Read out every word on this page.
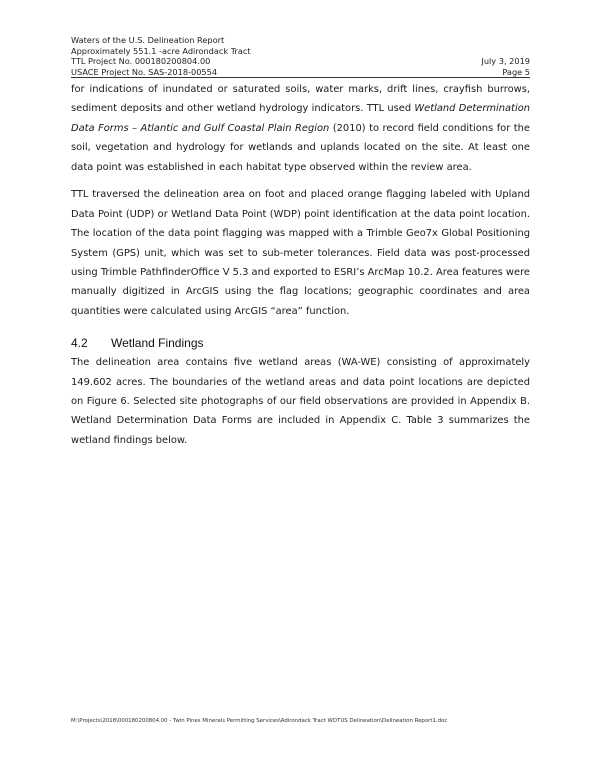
Waters of the U.S. Delineation Report
Approximately 551.1 -acre Adirondack Tract
TTL Project No. 000180200804.00	July 3, 2019
USACE Project No. SAS-2018-00554	Page 5

for indications of inundated or saturated soils, water marks, drift lines, crayfish burrows, sediment deposits and other wetland hydrology indicators. TTL used Wetland Determination Data Forms – Atlantic and Gulf Coastal Plain Region (2010) to record field conditions for the soil, vegetation and hydrology for wetlands and uplands located on the site. At least one data point was established in each habitat type observed within the review area.

TTL traversed the delineation area on foot and placed orange flagging labeled with Upland Data Point (UDP) or Wetland Data Point (WDP) point identification at the data point location. The location of the data point flagging was mapped with a Trimble Geo7x Global Positioning System (GPS) unit, which was set to sub-meter tolerances. Field data was post-processed using Trimble PathfinderOffice V 5.3 and exported to ESRI’s ArcMap 10.2. Area features were manually digitized in ArcGIS using the flag locations; geographic coordinates and area quantities were calculated using ArcGIS “area” function.

4.2	Wetland Findings

The delineation area contains five wetland areas (WA-WE) consisting of approximately 149.602 acres. The boundaries of the wetland areas and data point locations are depicted on Figure 6. Selected site photographs of our field observations are provided in Appendix B. Wetland Determination Data Forms are included in Appendix C. Table 3 summarizes the wetland findings below.

M:\Projects\2018\000180200804.00 - Twin Pines Minerals Permitting Services\Adirondack Tract WOTUS Delineation\Delineation Report1.doc
